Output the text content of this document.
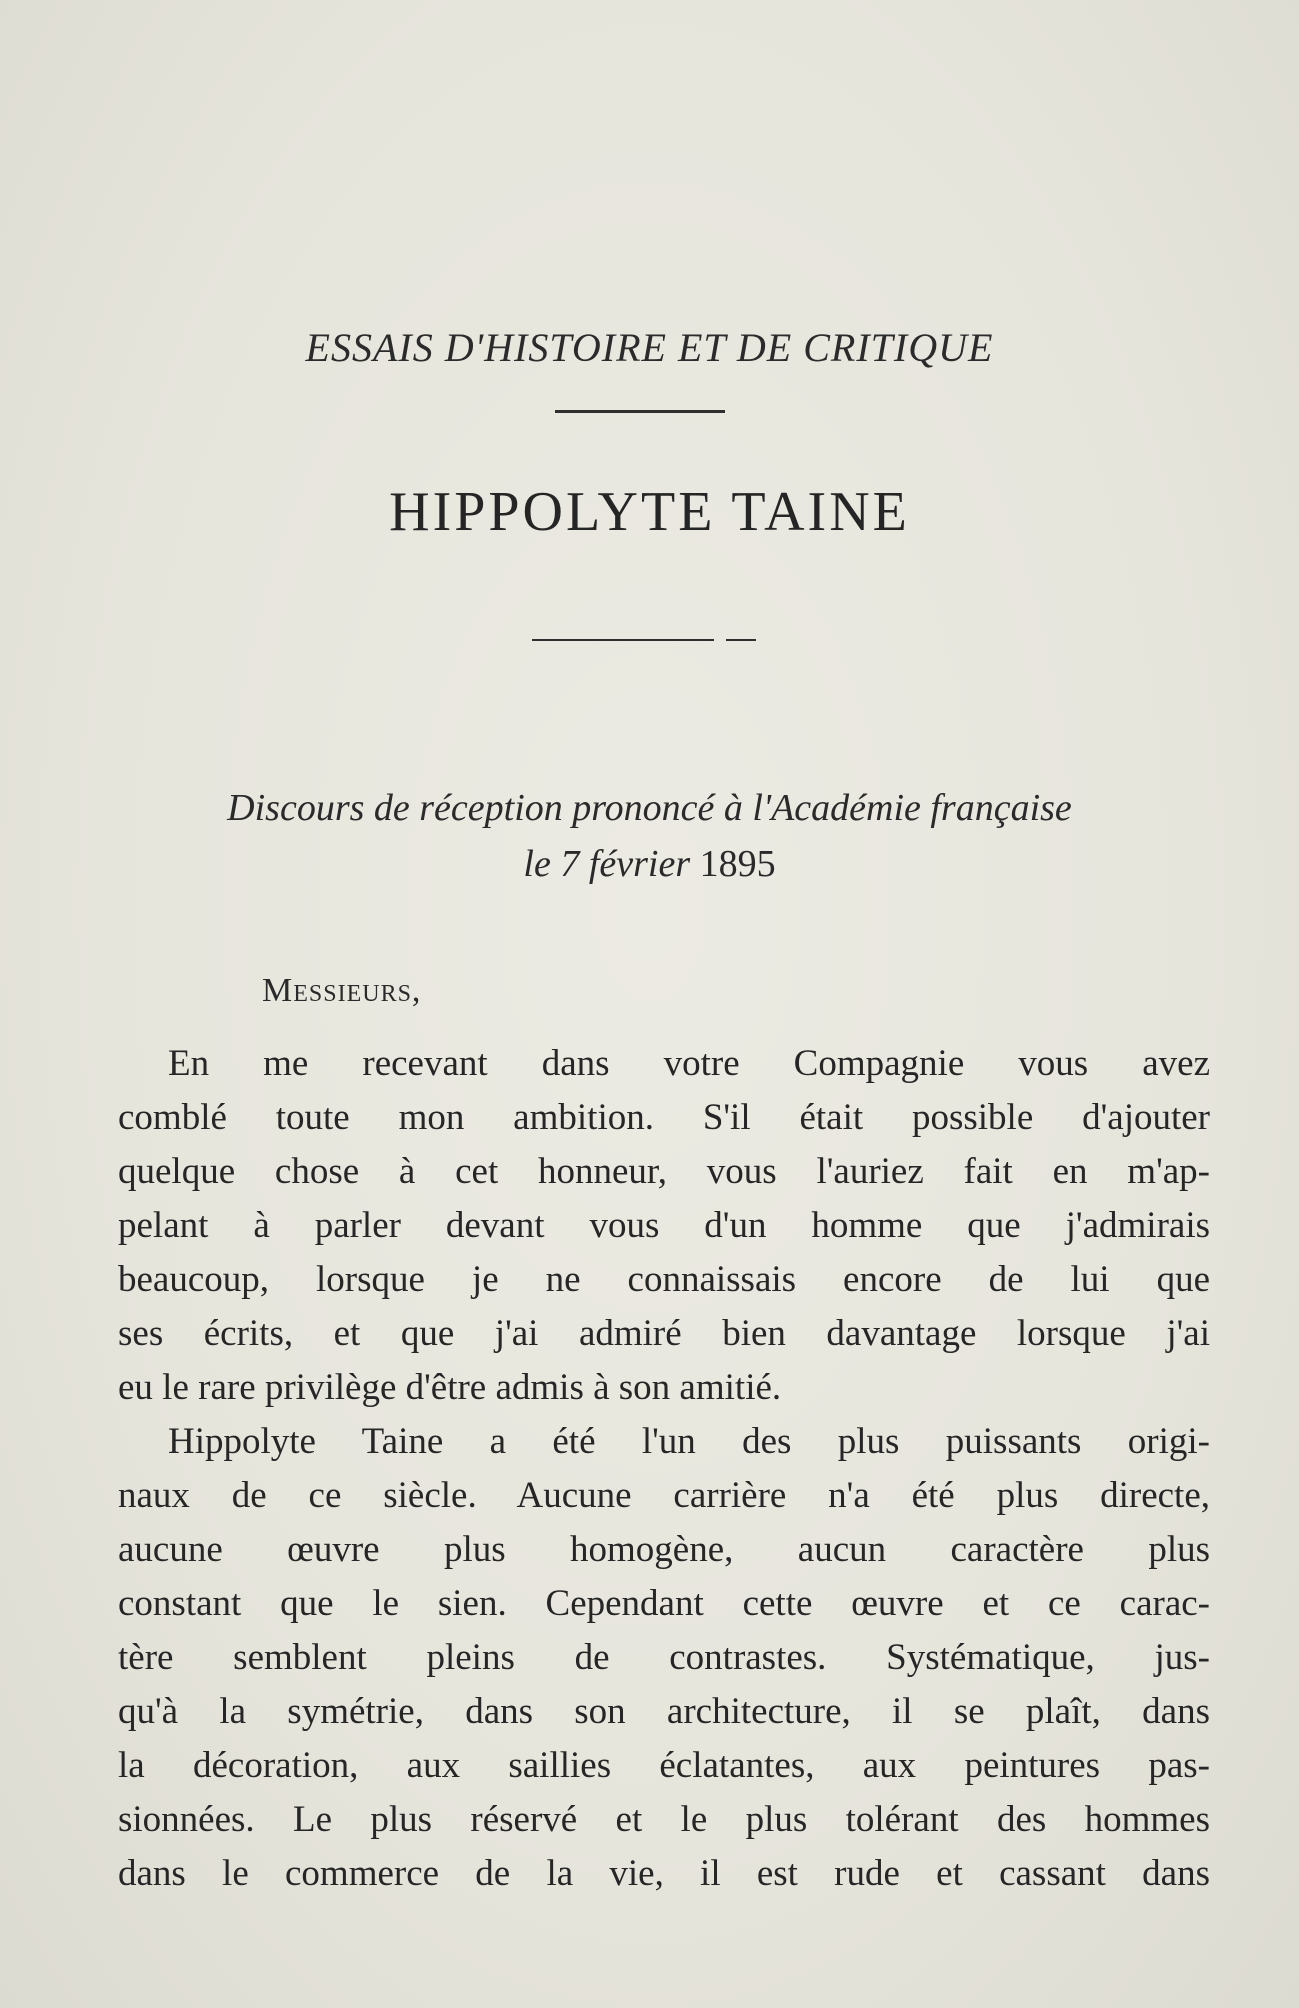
ESSAIS D'HISTOIRE ET DE CRITIQUE
HIPPOLYTE TAINE
Discours de réception prononcé à l'Académie française
le 7 février 1895
Messieurs,
En me recevant dans votre Compagnie vous avez
comblé toute mon ambition. S'il était possible d'ajouter
quelque chose à cet honneur, vous l'auriez fait en m'ap-
pelant à parler devant vous d'un homme que j'admirais
beaucoup, lorsque je ne connaissais encore de lui que
ses écrits, et que j'ai admiré bien davantage lorsque j'ai
eu le rare privilège d'être admis à son amitié.
Hippolyte Taine a été l'un des plus puissants origi-
naux de ce siècle. Aucune carrière n'a été plus directe,
aucune œuvre plus homogène, aucun caractère plus
constant que le sien. Cependant cette œuvre et ce carac-
tère semblent pleins de contrastes. Systématique, jus-
qu'à la symétrie, dans son architecture, il se plaît, dans
la décoration, aux saillies éclatantes, aux peintures pas-
sionnées. Le plus réservé et le plus tolérant des hommes
dans le commerce de la vie, il est rude et cassant dans
